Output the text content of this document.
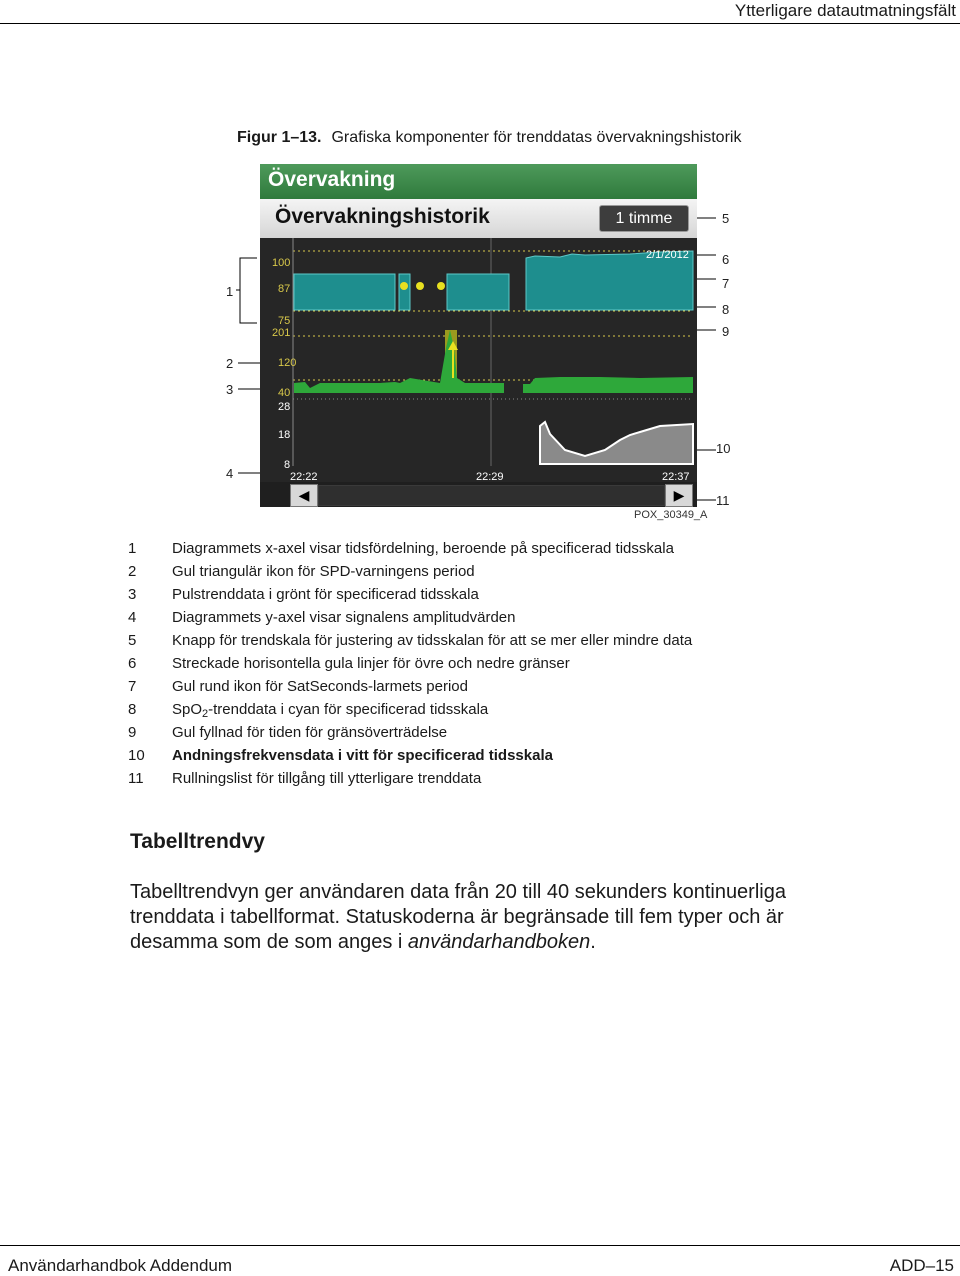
Ytterligare datautmatningsfält
Figur 1–13. Grafiska komponenter för trenddatas övervakningshistorik
1
2
3
4
5
6
7
8
9
10
11
Övervakning
Övervakningshistorik	1 timme
100
87
75
201
120
40
28
18
8
2/1/2012
22:22	22:29	22:37
◀	▶
POX_30349_A
1	Diagrammets x-axel visar tidsfördelning, beroende på specificerad tidsskala
2	Gul triangulär ikon för SPD-varningens period
3	Pulstrenddata i grönt för specificerad tidsskala
4	Diagrammets y-axel visar signalens amplitudvärden
5	Knapp för trendskala för justering av tidsskalan för att se mer eller mindre data
6	Streckade horisontella gula linjer för övre och nedre gränser
7	Gul rund ikon för SatSeconds-larmets period
8	SpO$_2$-trenddata i cyan för specificerad tidsskala
9	Gul fyllnad för tiden för gränsöverträdelse
10	Andningsfrekvensdata i vitt för specificerad tidsskala
11	Rullningslist för tillgång till ytterligare trenddata
Tabelltrendvy
Tabelltrendvyn ger användaren data från 20 till 40 sekunders kontinuerliga trenddata i tabellformat. Statuskoderna är begränsade till fem typer och är desamma som de som anges i användarhandboken.
Användarhandbok Addendum	ADD–15
